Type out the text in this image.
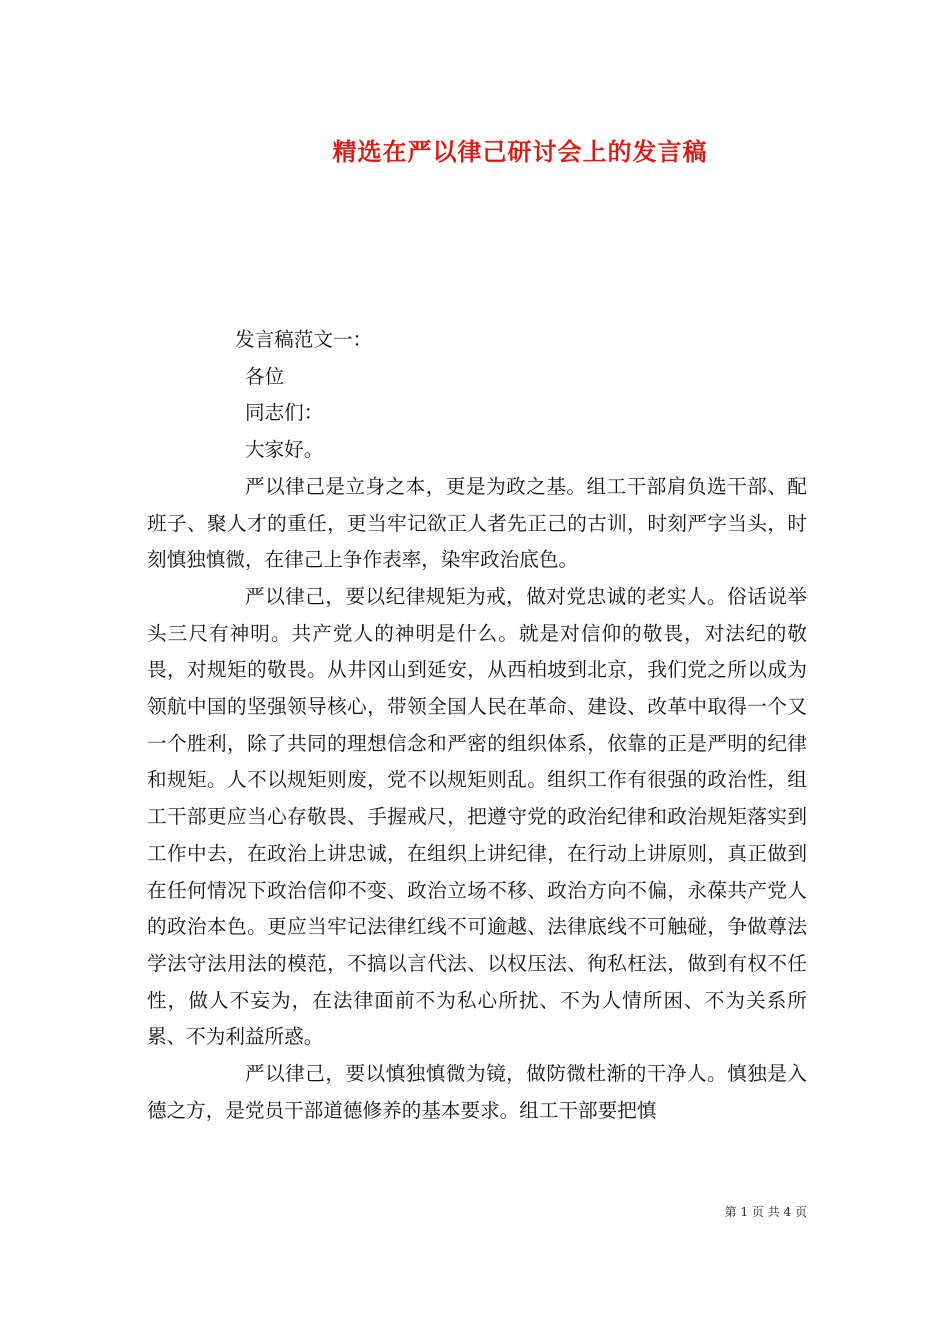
精选在严以律己研讨会上的发言稿

发言稿范文一：

各位

同志们：

大家好。

严以律己是立身之本，更是为政之基。组工干部肩负选干部、配班子、聚人才的重任，更当牢记欲正人者先正己的古训，时刻严字当头，时刻慎独慎微，在律己上争作表率，染牢政治底色。

严以律己，要以纪律规矩为戒，做对党忠诚的老实人。俗话说举头三尺有神明。共产党人的神明是什么。就是对信仰的敬畏，对法纪的敬畏，对规矩的敬畏。从井冈山到延安，从西柏坡到北京，我们党之所以成为领航中国的坚强领导核心，带领全国人民在革命、建设、改革中取得一个又一个胜利，除了共同的理想信念和严密的组织体系，依靠的正是严明的纪律和规矩。人不以规矩则废，党不以规矩则乱。组织工作有很强的政治性，组工干部更应当心存敬畏、手握戒尺，把遵守党的政治纪律和政治规矩落实到工作中去，在政治上讲忠诚，在组织上讲纪律，在行动上讲原则，真正做到在任何情况下政治信仰不变、政治立场不移、政治方向不偏，永葆共产党人的政治本色。更应当牢记法律红线不可逾越、法律底线不可触碰，争做尊法学法守法用法的模范，不搞以言代法、以权压法、徇私枉法，做到有权不任性，做人不妄为，在法律面前不为私心所扰、不为人情所困、不为关系所累、不为利益所惑。

严以律己，要以慎独慎微为镜，做防微杜渐的干净人。慎独是入德之方，是党员干部道德修养的基本要求。组工干部要把慎

第 1 页 共 4 页
